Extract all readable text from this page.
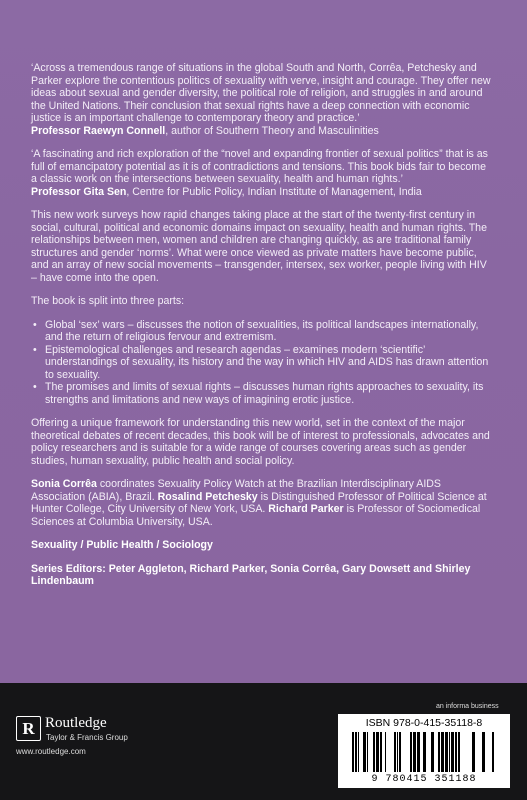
‘Across a tremendous range of situations in the global South and North, Corrêa, Petchesky and Parker explore the contentious politics of sexuality with verve, insight and courage. They offer new ideas about sexual and gender diversity, the political role of religion, and struggles in and around the United Nations. Their conclusion that sexual rights have a deep connection with economic justice is an important challenge to contemporary theory and practice.’
Professor Raewyn Connell, author of Southern Theory and Masculinities

‘A fascinating and rich exploration of the “novel and expanding frontier of sexual politics” that is as full of emancipatory potential as it is of contradictions and tensions. This book bids fair to become a classic work on the intersections between sexuality, health and human rights.’
Professor Gita Sen, Centre for Public Policy, Indian Institute of Management, India

This new work surveys how rapid changes taking place at the start of the twenty-first century in social, cultural, political and economic domains impact on sexuality, health and human rights. The relationships between men, women and children are changing quickly, as are traditional family structures and gender ‘norms’. What were once viewed as private matters have become public, and an array of new social movements – transgender, intersex, sex worker, people living with HIV – have come into the open.

The book is split into three parts:

• Global ‘sex’ wars – discusses the notion of sexualities, its political landscapes internationally, and the return of religious fervour and extremism.
• Epistemological challenges and research agendas – examines modern ‘scientific’ understandings of sexuality, its history and the way in which HIV and AIDS has drawn attention to sexuality.
• The promises and limits of sexual rights – discusses human rights approaches to sexuality, its strengths and limitations and new ways of imagining erotic justice.

Offering a unique framework for understanding this new world, set in the context of the major theoretical debates of recent decades, this book will be of interest to professionals, advocates and policy researchers and is suitable for a wide range of courses covering areas such as gender studies, human sexuality, public health and social policy.

Sonia Corrêa coordinates Sexuality Policy Watch at the Brazilian Interdisciplinary AIDS Association (ABIA), Brazil. Rosalind Petchesky is Distinguished Professor of Political Science at Hunter College, City University of New York, USA. Richard Parker is Professor of Sociomedical Sciences at Columbia University, USA.

Sexuality / Public Health / Sociology

Series Editors: Peter Aggleton, Richard Parker, Sonia Corrêa, Gary Dowsett and Shirley Lindenbaum

R Routledge
Taylor & Francis Group
www.routledge.com
an informa business
ISBN 978-0-415-35118-8
9 780415 351188
